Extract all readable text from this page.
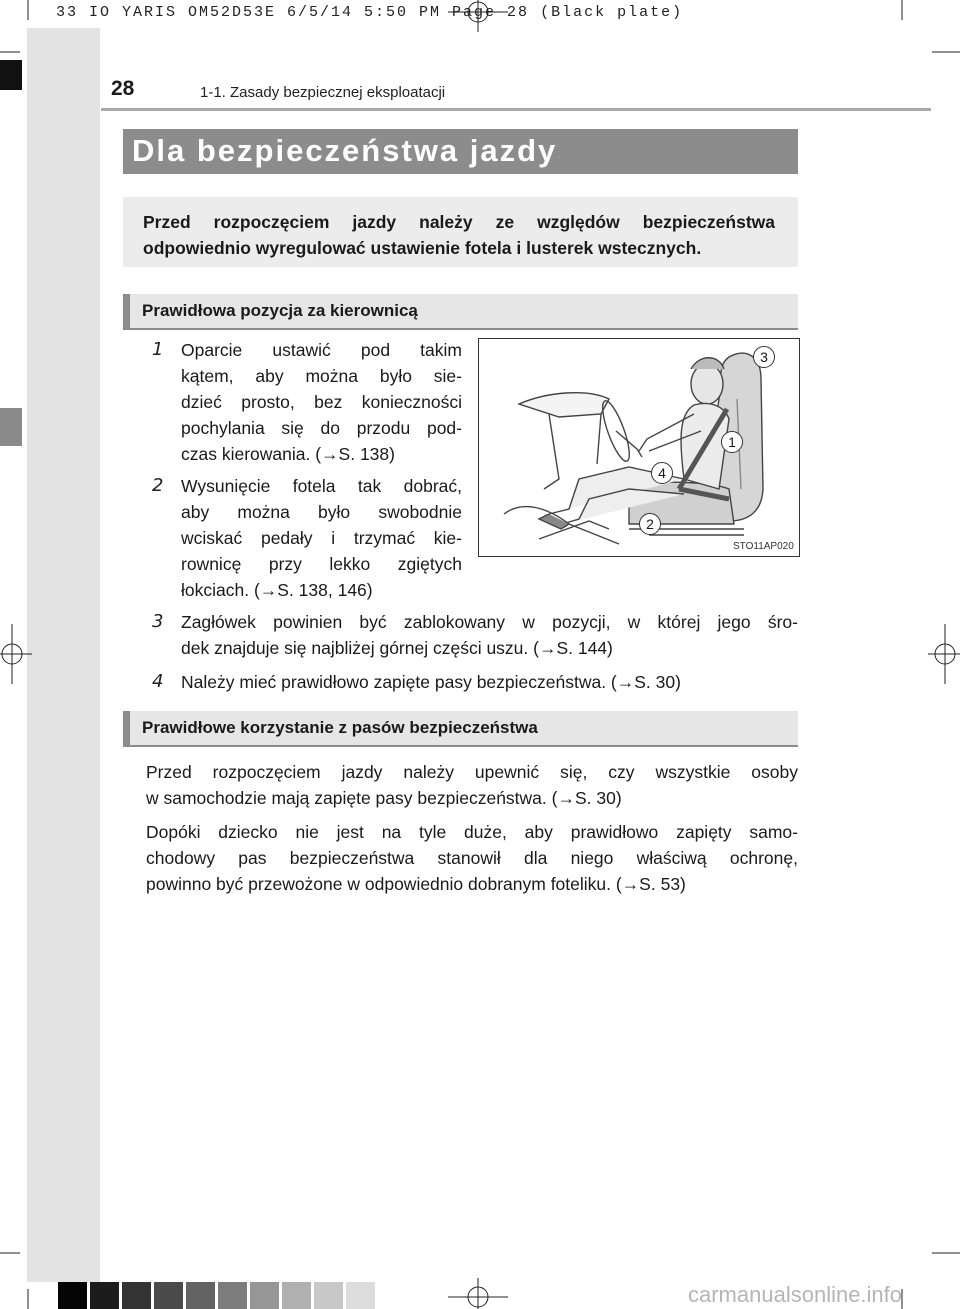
33 IO YARIS OM52D53E 6/5/14 5:50 PM Page 28 (Black plate)
carmanualsonline.info
28	1-1. Zasady bezpiecznej eksploatacji
Dla bezpieczeństwa jazdy

Przed rozpoczęciem jazdy należy ze względów bezpieczeństwa

odpowiednio wyregulować ustawienie fotela i lusterek wstecznych.

Prawidłowa pozycja za kierownicą
1	Oparcie ustawić pod takim

kątem, aby można było sie-

dzieć prosto, bez konieczności

pochylania się do przodu pod-

czas kierowania. (→S. 138)

2	Wysunięcie fotela tak dobrać,

aby można było swobodnie

wciskać pedały i trzymać kie-

rownicę przy lekko zgiętych

łokciach. (→S. 138, 146)

STO11AP020
3
1
4
2
3	Zagłówek powinien być zablokowany w pozycji, w której jego śro-

dek znajduje się najbliżej górnej części uszu. (→S. 144)

4	Należy mieć prawidłowo zapięte pasy bezpieczeństwa. (→S. 30)

Prawidłowe korzystanie z pasów bezpieczeństwa

Przed rozpoczęciem jazdy należy upewnić się, czy wszystkie osoby

w samochodzie mają zapięte pasy bezpieczeństwa. (→S. 30)

Dopóki dziecko nie jest na tyle duże, aby prawidłowo zapięty samo-

chodowy pas bezpieczeństwa stanowił dla niego właściwą ochronę,

powinno być przewożone w odpowiednio dobranym foteliku. (→S. 53)
